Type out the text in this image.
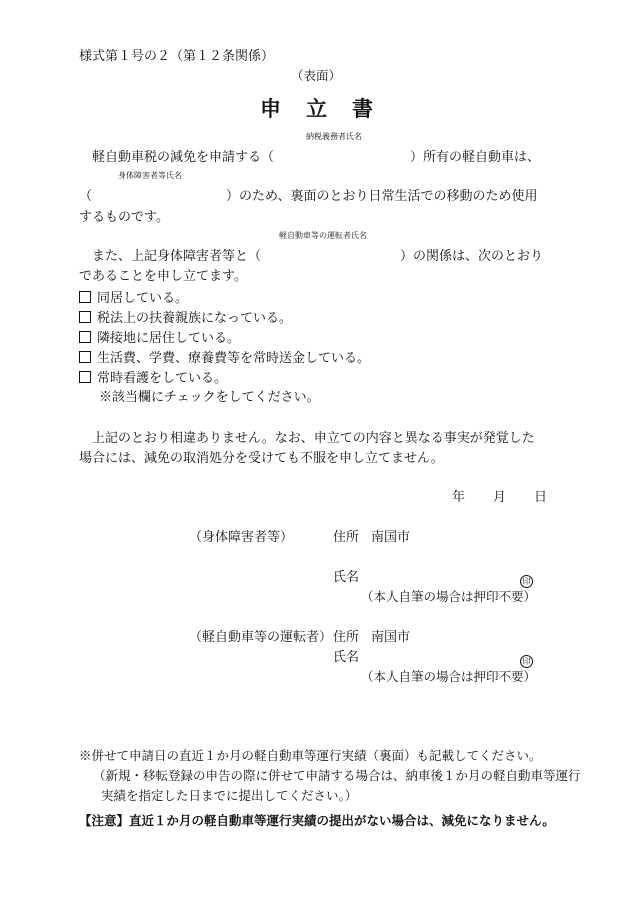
様式第１号の２（第１２条関係）
（表面）
申 立 書
納税義務者氏名
軽自動車税の減免を申請する（	）所有の軽自動車は、
身体障害者等氏名
（	）のため、裏面のとおり日常生活での移動のため使用
するものです。
軽自動車等の運転者氏名
また、上記身体障害者等と（	）の関係は、次のとおり
であることを申し立てます。
同居している。
税法上の扶養親族になっている。
隣接地に居住している。
生活費、学費、療養費等を常時送金している。
常時看護をしている。
※該当欄にチェックをしてください。
上記のとおり相違ありません。なお、申立ての内容と異なる事実が発覚した
場合には、減免の取消処分を受けても不服を申し立てません。
年 月 日
（身体障害者等）	住所 南国市
氏名	印
（本人自筆の場合は押印不要）
（軽自動車等の運転者） 住所 南国市
氏名	印
（本人自筆の場合は押印不要）
※併せて申請日の直近１か月の軽自動車等運行実績（裏面）も記載してください。
（新規・移転登録の申告の際に併せて申請する場合は、納車後１か月の軽自動車等運行
実績を指定した日までに提出してください。）
【注意】直近１か月の軽自動車等運行実績の提出がない場合は、減免になりません。
